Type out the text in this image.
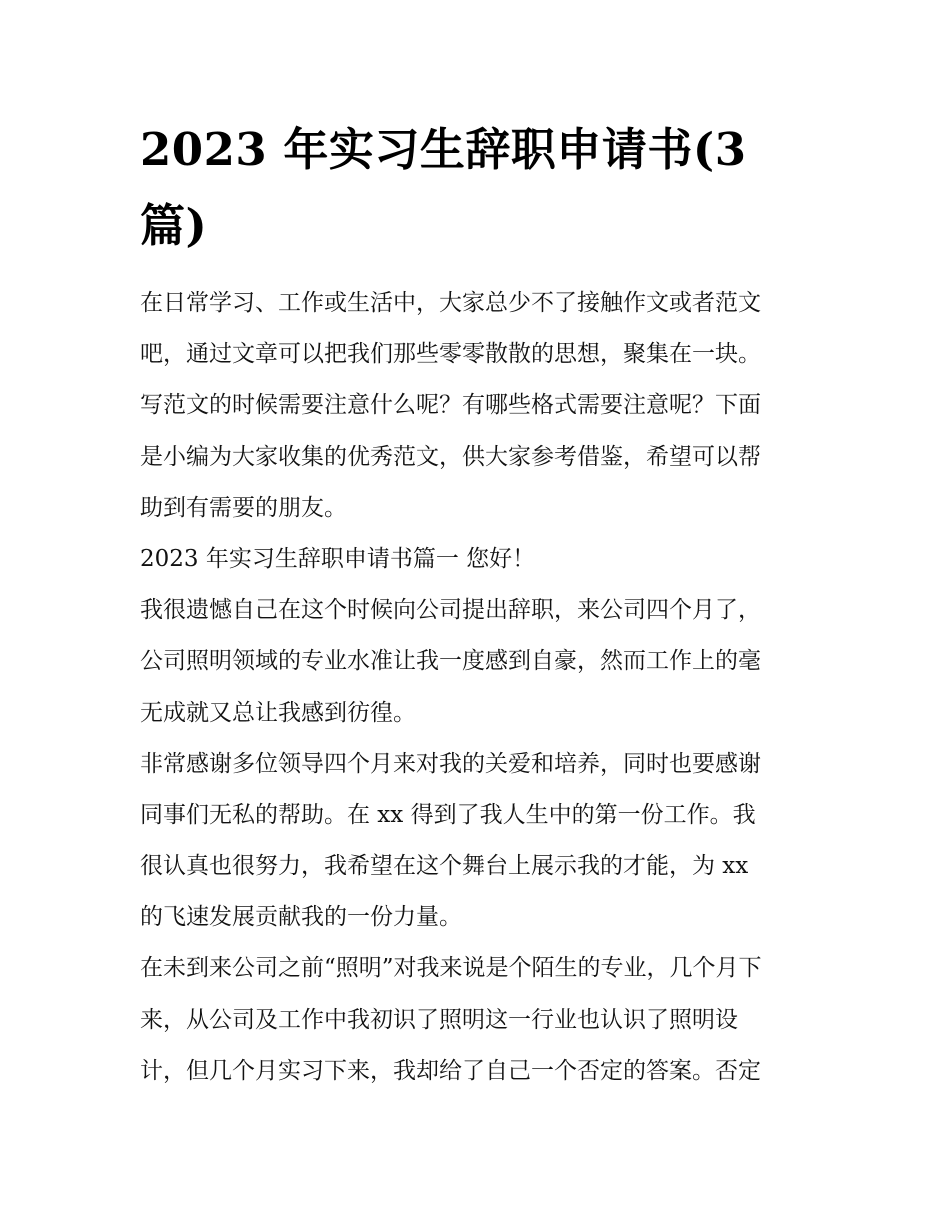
2023 年实习生辞职申请书(3
篇)

在日常学习、工作或生活中，大家总少不了接触作文或者范文

吧，通过文章可以把我们那些零零散散的思想，聚集在一块。

写范文的时候需要注意什么呢？有哪些格式需要注意呢？下面

是小编为大家收集的优秀范文，供大家参考借鉴，希望可以帮

助到有需要的朋友。

2023 年实习生辞职申请书篇一 您好！

我很遗憾自己在这个时候向公司提出辞职，来公司四个月了，

公司照明领域的专业水准让我一度感到自豪，然而工作上的毫

无成就又总让我感到彷徨。

非常感谢多位领导四个月来对我的关爱和培养，同时也要感谢

同事们无私的帮助。在 xx 得到了我人生中的第一份工作。我

很认真也很努力，我希望在这个舞台上展示我的才能，为 xx

的飞速发展贡献我的一份力量。

在未到来公司之前“照明”对我来说是个陌生的专业，几个月下

来，从公司及工作中我初识了照明这一行业也认识了照明设

计，但几个月实习下来，我却给了自己一个否定的答案。否定
